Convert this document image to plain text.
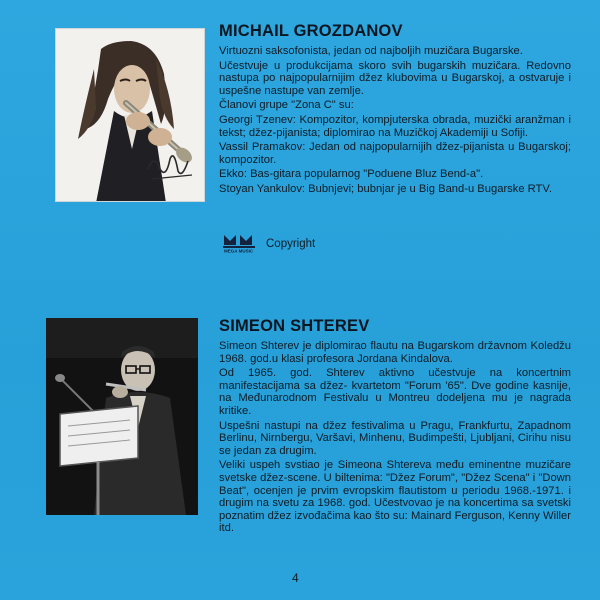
MICHAIL GROZDANOV

Virtuozni saksofonista, jedan od najboljih muzičara Bugarske.

Učestvuje u produkcijama skoro svih bugarskih muzičara. Redovno nastupa po najpopularnijim džez klubovima u Bugarskoj, a ostvaruje i uspešne nastupe van zemlje.

Članovi grupe "Zona C" su:

Georgi Tzenev: Kompozitor, kompjuterska obrada, muzički aranžman i tekst; džez-pijanista; diplomirao na Muzičkoj Akademiji u Sofiji.

Vassil Pramakov: Jedan od najpopularnijih džez-pijanista u Bugarskoj; kompozitor.

Ekko: Bas-gitara popularnog "Poduene Bluz Bend-a".

Stoyan Yankulov: Bubnjevi; bubnjar je u Big Band-u Bugarske RTV.

MEGA MUSIC
Copyright
SIMEON SHTEREV

Simeon Shterev je diplomirao flautu na Bugarskom državnom Koledžu 1968. god.u klasi profesora Jordana Kindalova.

Od 1965. god. Shterev aktivno učestvuje na koncertnim manifestacijama sa džez- kvartetom "Forum '65". Dve godine kasnije, na Međunarodnom Festivalu u Montreu dodeljena mu je nagrada kritike.

Uspešni nastupi na džez festivalima u Pragu, Frankfurtu, Zapadnom Berlinu, Nirnbergu, Varšavi, Minhenu, Budimpešti, Ljubljani, Cirihu nisu se jedan za drugim.

Veliki uspeh svstiao je Simeona Shtereva među eminentne muzičare svetske džez-scene. U biltenima: "Džez Forum", "Džez Scena" i "Down Beat", ocenjen je prvim evropskim flautistom u periodu 1968.-1971. i drugim na svetu za 1968. god. Učestvovao je na koncertima sa svetski poznatim džez izvođačima kao što su: Mainard Ferguson, Kenny Willer itd.

4
